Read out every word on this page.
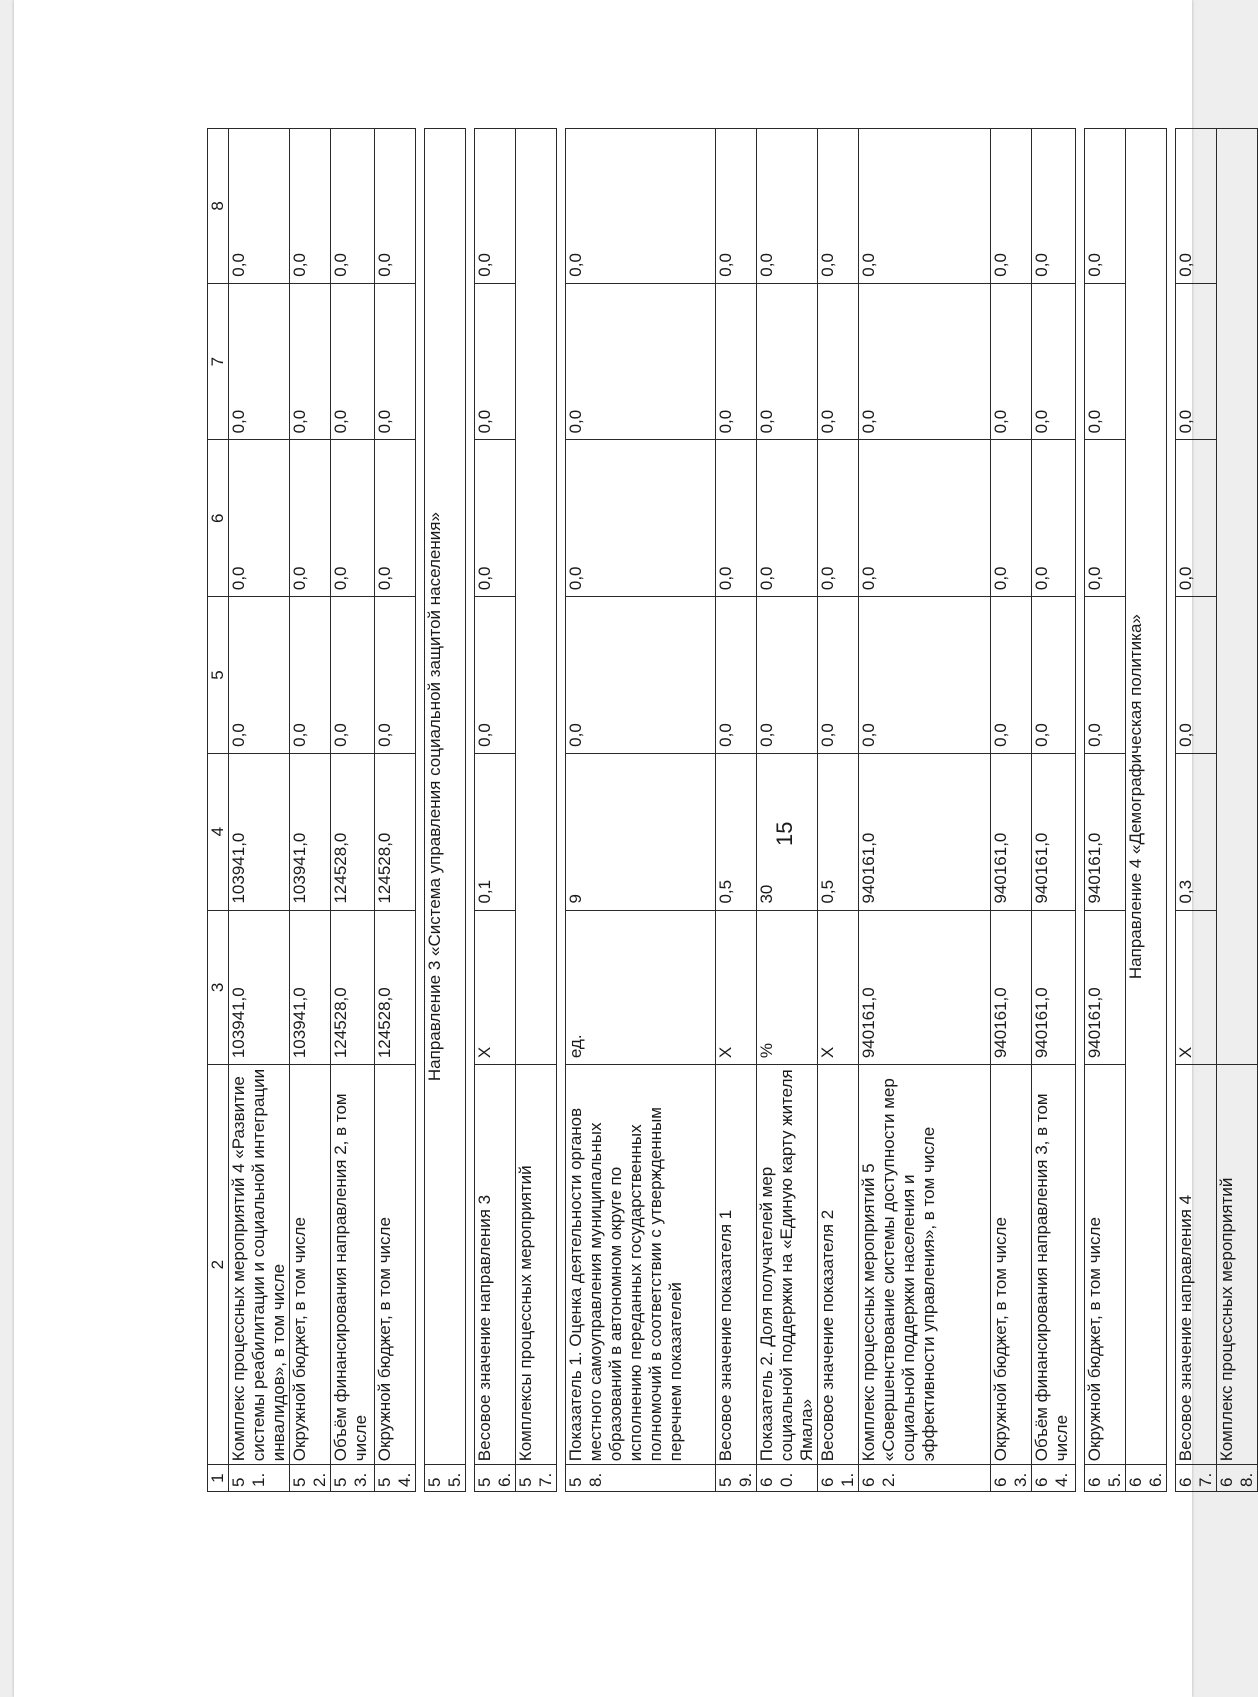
15
1	2	3	4	5	6	7	8
51.	Комплекс процессных мероприятий 4 «Развитие системы реабилитации и социальной интеграции инвалидов», в том числе	103941,0	103941,0	0,0	0,0	0,0	0,0
52.	Окружной бюджет, в том числе	103941,0	103941,0	0,0	0,0	0,0	0,0
53.	Объём финансирования направления 2, в том числе	124528,0	124528,0	0,0	0,0	0,0	0,0
54.	Окружной бюджет, в том числе	124528,0	124528,0	0,0	0,0	0,0	0,0

55.	Направление 3 «Система управления социальной защитой населения»						

56.	Весовое значение направления 3	X	0,1	0,0	0,0	0,0	0,0
57.	Комплексы процессных мероприятий						

58.	Показатель 1. Оценка деятельности органов местного самоуправления муниципальных образований в автономном округе по исполнению переданных государственных полномочий в соответствии с утвержденным перечнем показателей	ед.	9	0,0	0,0	0,0	0,0
59.	Весовое значение показателя 1	X	0,5	0,0	0,0	0,0	0,0
60.	Показатель 2. Доля получателей мер социальной поддержки на «Единую карту жителя Ямала»	%	30	0,0	0,0	0,0	0,0
61.	Весовое значение показателя 2	X	0,5	0,0	0,0	0,0	0,0
62.	Комплекс процессных мероприятий 5 «Совершенствование системы доступности мер социальной поддержки населения и эффективности управления», в том числе	940161,0	940161,0	0,0	0,0	0,0	0,0
63.	Окружной бюджет, в том числе	940161,0	940161,0	0,0	0,0	0,0	0,0
64.	Объём финансирования направления 3, в том числе	940161,0	940161,0	0,0	0,0	0,0	0,0

65.	Окружной бюджет, в том числе	940161,0	940161,0	0,0	0,0	0,0	0,0
66.	Направление 4 «Демографическая политика»						

67.	Весовое значение направления 4	X	0,3	0,0	0,0	0,0	0,0
68.	Комплекс процессных мероприятий						
